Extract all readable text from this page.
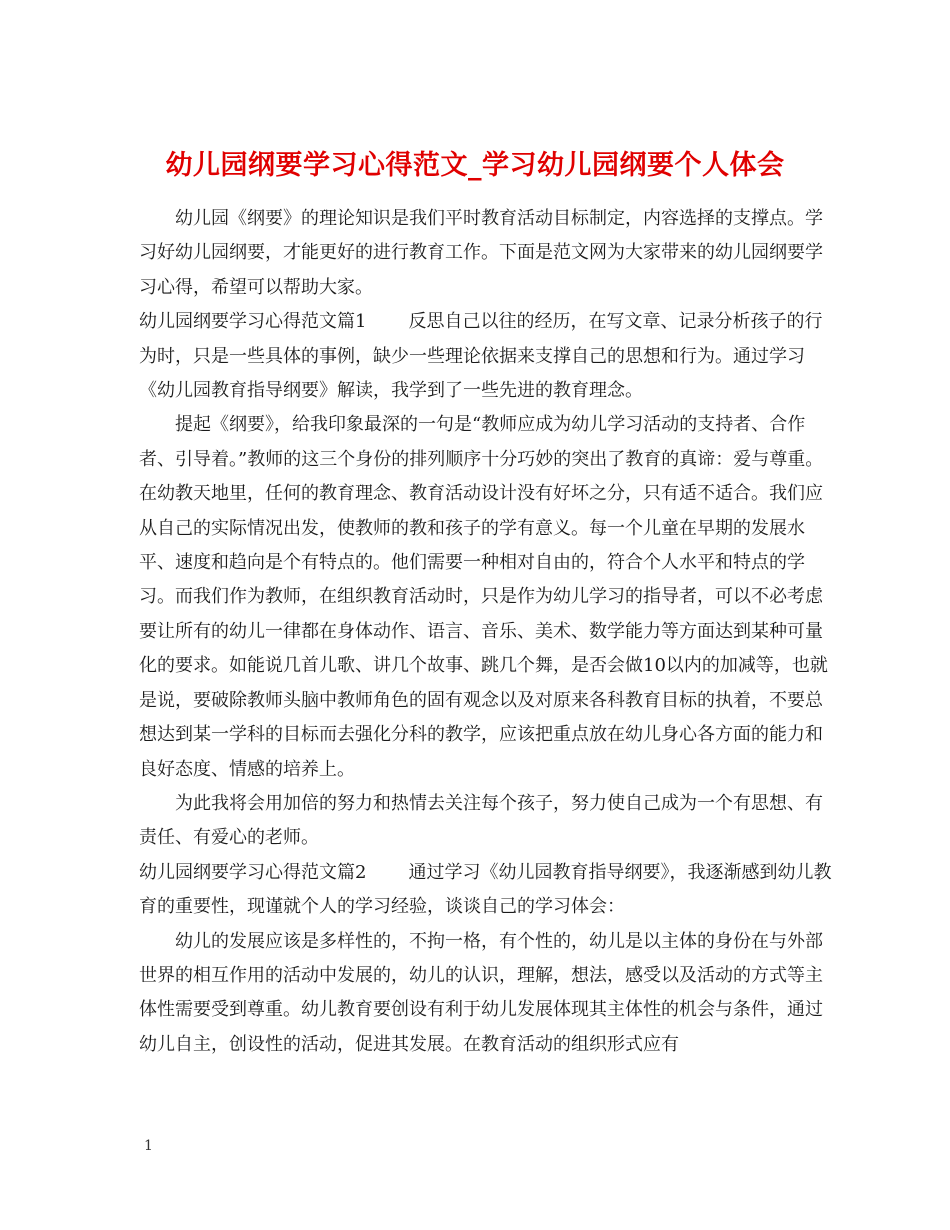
幼儿园纲要学习心得范文_学习幼儿园纲要个人体会

幼儿园《纲要》的理论知识是我们平时教育活动目标制定，内容选择的支撑点。学习好幼儿园纲要，才能更好的进行教育工作。下面是范文网为大家带来的幼儿园纲要学习心得，希望可以帮助大家。

幼儿园纲要学习心得范文篇1 反思自己以往的经历，在写文章、记录分析孩子的行为时，只是一些具体的事例，缺少一些理论依据来支撑自己的思想和行为。通过学习《幼儿园教育指导纲要》解读，我学到了一些先进的教育理念。

提起《纲要》，给我印象最深的一句是“教师应成为幼儿学习活动的支持者、合作者、引导着。”教师的这三个身份的排列顺序十分巧妙的突出了教育的真谛：爱与尊重。在幼教天地里，任何的教育理念、教育活动设计没有好坏之分，只有适不适合。我们应从自己的实际情况出发，使教师的教和孩子的学有意义。每一个儿童在早期的发展水平、速度和趋向是个有特点的。他们需要一种相对自由的，符合个人水平和特点的学习。而我们作为教师，在组织教育活动时，只是作为幼儿学习的指导者，可以不必考虑要让所有的幼儿一律都在身体动作、语言、音乐、美术、数学能力等方面达到某种可量化的要求。如能说几首儿歌、讲几个故事、跳几个舞，是否会做10以内的加减等，也就是说，要破除教师头脑中教师角色的固有观念以及对原来各科教育目标的执着，不要总想达到某一学科的目标而去强化分科的教学，应该把重点放在幼儿身心各方面的能力和良好态度、情感的培养上。

为此我将会用加倍的努力和热情去关注每个孩子，努力使自己成为一个有思想、有责任、有爱心的老师。

幼儿园纲要学习心得范文篇2 通过学习《幼儿园教育指导纲要》，我逐渐感到幼儿教育的重要性，现谨就个人的学习经验，谈谈自己的学习体会：

幼儿的发展应该是多样性的，不拘一格，有个性的，幼儿是以主体的身份在与外部世界的相互作用的活动中发展的，幼儿的认识，理解，想法，感受以及活动的方式等主体性需要受到尊重。幼儿教育要创设有利于幼儿发展体现其主体性的机会与条件，通过幼儿自主，创设性的活动，促进其发展。在教育活动的组织形式应有

1
